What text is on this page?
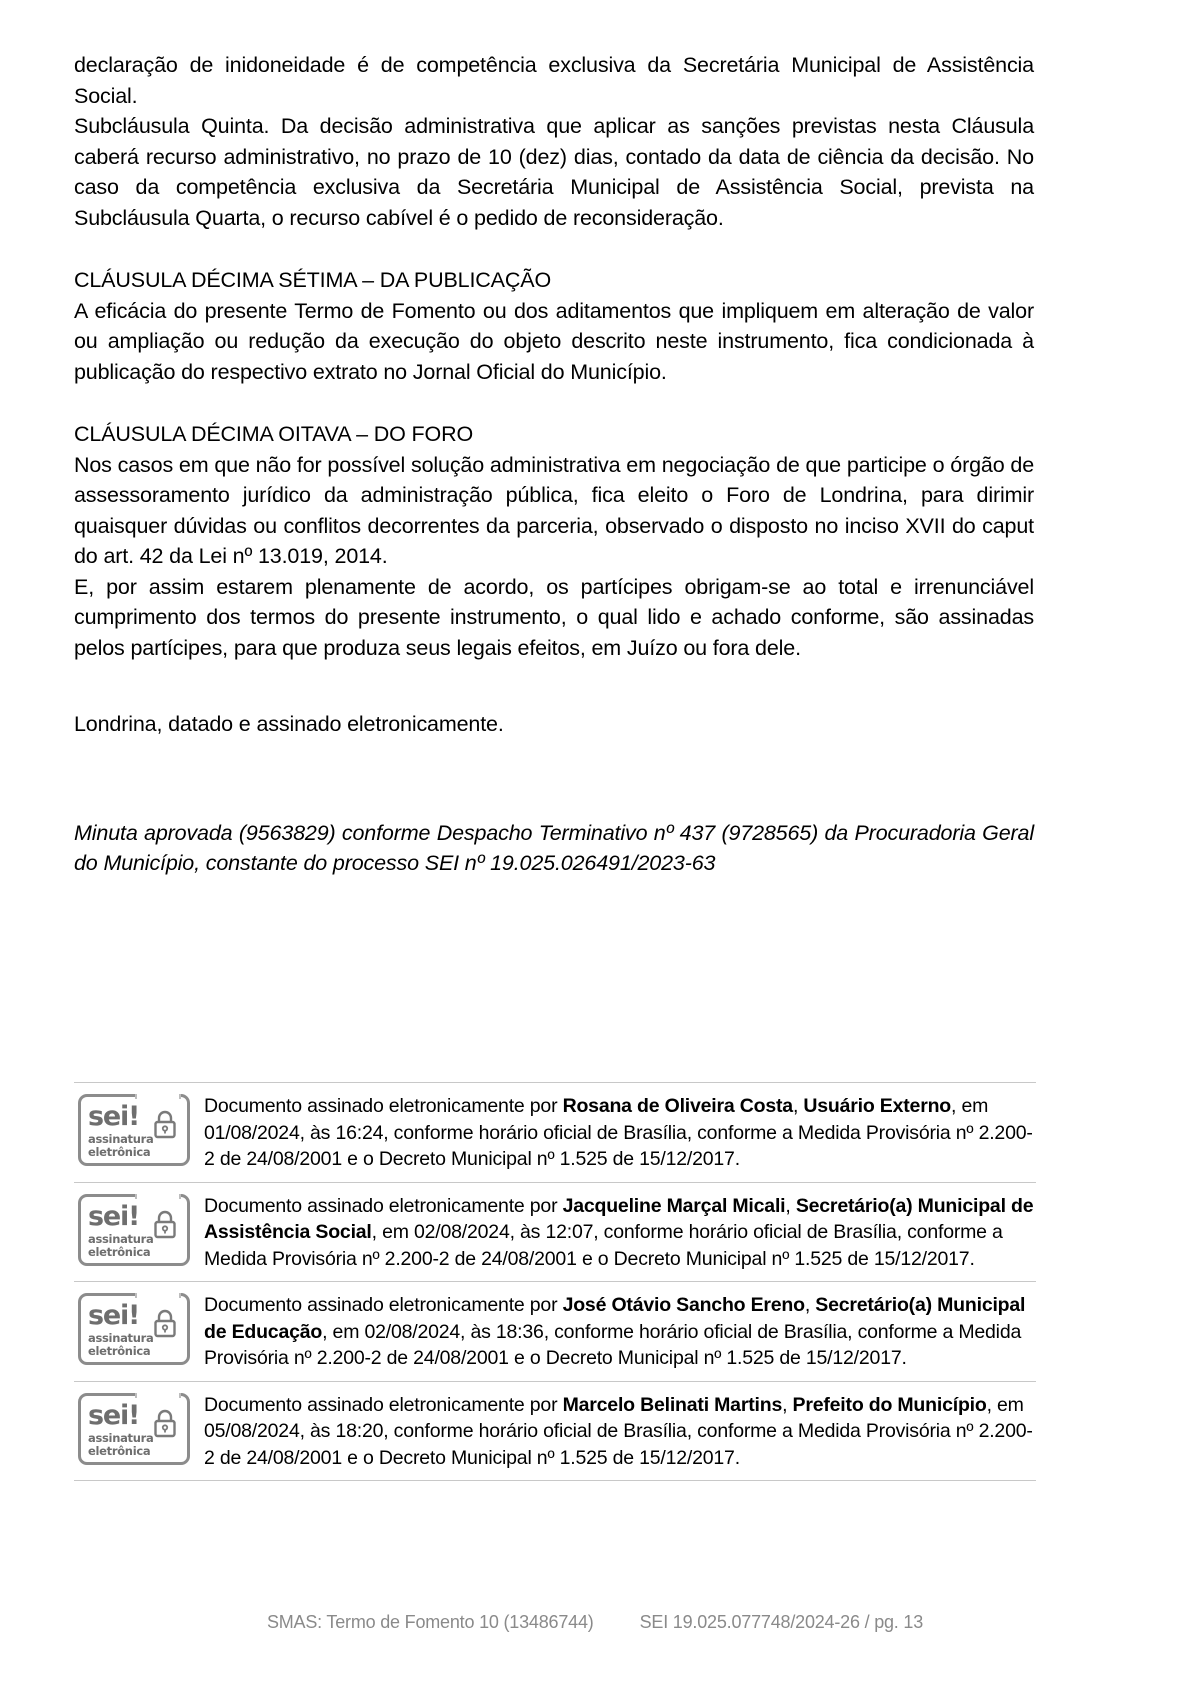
declaração de inidoneidade é de competência exclusiva da Secretária Municipal de Assistência Social.

Subcláusula Quinta. Da decisão administrativa que aplicar as sanções previstas nesta Cláusula caberá recurso administrativo, no prazo de 10 (dez) dias, contado da data de ciência da decisão. No caso da competência exclusiva da Secretária Municipal de Assistência Social, prevista na Subcláusula Quarta, o recurso cabível é o pedido de reconsideração.

CLÁUSULA DÉCIMA SÉTIMA – DA PUBLICAÇÃO

A eficácia do presente Termo de Fomento ou dos aditamentos que impliquem em alteração de valor ou ampliação ou redução da execução do objeto descrito neste instrumento, fica condicionada à publicação do respectivo extrato no Jornal Oficial do Município.

CLÁUSULA DÉCIMA OITAVA – DO FORO

Nos casos em que não for possível solução administrativa em negociação de que participe o órgão de assessoramento jurídico da administração pública, fica eleito o Foro de Londrina, para dirimir quaisquer dúvidas ou conflitos decorrentes da parceria, observado o disposto no inciso XVII do caput do art. 42 da Lei nº 13.019, 2014.

E, por assim estarem plenamente de acordo, os partícipes obrigam-se ao total e irrenunciável cumprimento dos termos do presente instrumento, o qual lido e achado conforme, são assinadas pelos partícipes, para que produza seus legais efeitos, em Juízo ou fora dele.

Londrina, datado e assinado eletronicamente.

Minuta aprovada (9563829) conforme Despacho Terminativo nº 437 (9728565) da Procuradoria Geral do Município, constante do processo SEI nº 19.025.026491/2023-63

sei!
assinatura
eletrônica
Documento assinado eletronicamente por Rosana de Oliveira Costa, Usuário Externo, em 01/08/2024, às 16:24, conforme horário oficial de Brasília, conforme a Medida Provisória nº 2.200-2 de 24/08/2001 e o Decreto Municipal nº 1.525 de 15/12/2017.
sei!
assinatura
eletrônica
Documento assinado eletronicamente por Jacqueline Marçal Micali, Secretário(a) Municipal de Assistência Social, em 02/08/2024, às 12:07, conforme horário oficial de Brasília, conforme a Medida Provisória nº 2.200-2 de 24/08/2001 e o Decreto Municipal nº 1.525 de 15/12/2017.
sei!
assinatura
eletrônica
Documento assinado eletronicamente por José Otávio Sancho Ereno, Secretário(a) Municipal de Educação, em 02/08/2024, às 18:36, conforme horário oficial de Brasília, conforme a Medida Provisória nº 2.200-2 de 24/08/2001 e o Decreto Municipal nº 1.525 de 15/12/2017.
sei!
assinatura
eletrônica
Documento assinado eletronicamente por Marcelo Belinati Martins, Prefeito do Município, em 05/08/2024, às 18:20, conforme horário oficial de Brasília, conforme a Medida Provisória nº 2.200-2 de 24/08/2001 e o Decreto Municipal nº 1.525 de 15/12/2017.
SMAS: Termo de Fomento 10 (13486744)	SEI 19.025.077748/2024-26 / pg. 13
